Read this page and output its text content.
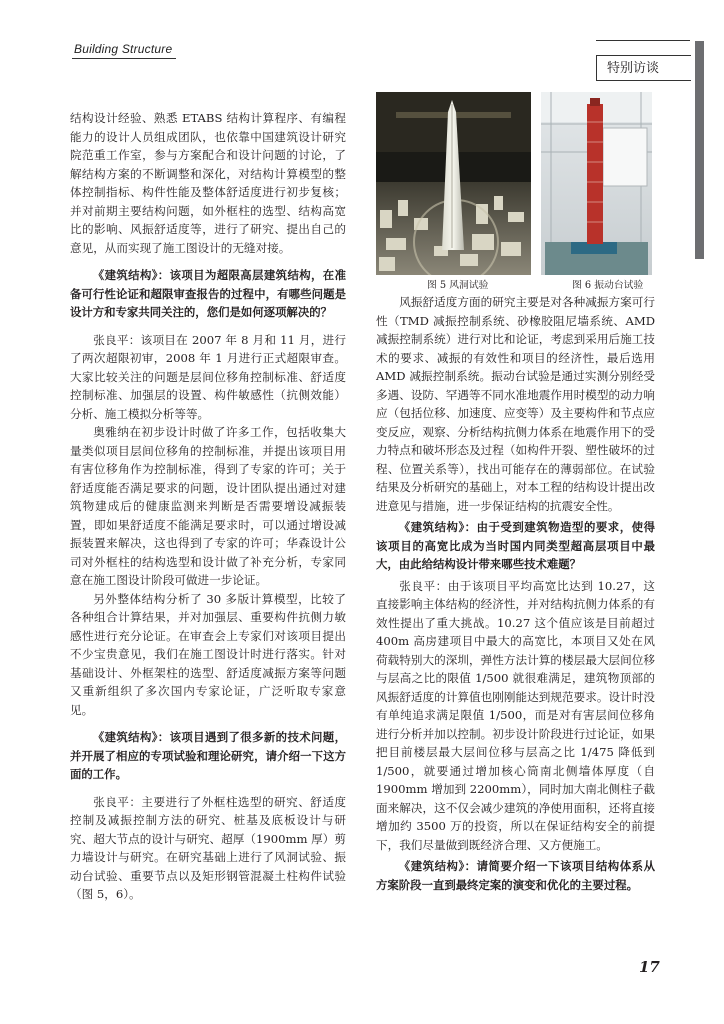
Building Structure
特别访谈
图 5 风洞试验	图 6 振动台试验

结构设计经验、熟悉 ETABS 结构计算程序、有编程能力的设计人员组成团队，也依靠中国建筑设计研究院范重工作室，参与方案配合和设计问题的讨论，了解结构方案的不断调整和深化，对结构计算模型的整体控制指标、构件性能及整体舒适度进行初步复核；并对前期主要结构问题，如外框柱的选型、结构高宽比的影响、风振舒适度等，进行了研究、提出自己的意见，从而实现了施工图设计的无缝对接。

《建筑结构》：该项目为超限高层建筑结构，在准备可行性论证和超限审查报告的过程中，有哪些问题是设计方和专家共同关注的，您们是如何逐项解决的？

张良平：该项目在 2007 年 8 月和 11 月，进行了两次超限初审，2008 年 1 月进行正式超限审查。大家比较关注的问题是层间位移角控制标准、舒适度控制标准、加强层的设置、构件敏感性（抗侧效能）分析、施工模拟分析等等。

奥雅纳在初步设计时做了许多工作，包括收集大量类似项目层间位移角的控制标准，并提出该项目用有害位移角作为控制标准，得到了专家的许可；关于舒适度能否满足要求的问题，设计团队提出通过对建筑物建成后的健康监测来判断是否需要增设减振装置，即如果舒适度不能满足要求时，可以通过增设减振装置来解决，这也得到了专家的许可；华森设计公司对外框柱的结构选型和设计做了补充分析，专家同意在施工图设计阶段可做进一步论证。

另外整体结构分析了 30 多版计算模型，比较了各种组合计算结果，并对加强层、重要构件抗侧力敏感性进行充分论证。在审查会上专家们对该项目提出不少宝贵意见，我们在施工图设计时进行落实。针对基础设计、外框架柱的选型、舒适度减振方案等问题又重新组织了多次国内专家论证，广泛听取专家意见。

《建筑结构》：该项目遇到了很多新的技术问题，并开展了相应的专项试验和理论研究，请介绍一下这方面的工作。

张良平：主要进行了外框柱选型的研究、舒适度控制及减振控制方法的研究、桩基及底板设计与研究、超大节点的设计与研究、超厚（1900mm 厚）剪力墙设计与研究。在研究基础上进行了风洞试验、振动台试验、重要节点以及矩形钢管混凝土柱构件试验（图 5，6）。

风振舒适度方面的研究主要是对各种减振方案可行性（TMD 减振控制系统、砂橡胶阻尼墙系统、AMD 减振控制系统）进行对比和论证，考虑到采用后施工技术的要求、减振的有效性和项目的经济性，最后选用 AMD 减振控制系统。振动台试验是通过实测分别经受多遇、设防、罕遇等不同水准地震作用时模型的动力响应（包括位移、加速度、应变等）及主要构件和节点应变反应，观察、分析结构抗侧力体系在地震作用下的受力特点和破坏形态及过程（如构件开裂、塑性破坏的过程、位置关系等），找出可能存在的薄弱部位。在试验结果及分析研究的基础上，对本工程的结构设计提出改进意见与措施，进一步保证结构的抗震安全性。

《建筑结构》：由于受到建筑物造型的要求，使得该项目的高宽比成为当时国内同类型超高层项目中最大，由此给结构设计带来哪些技术难题？

张良平：由于该项目平均高宽比达到 10.27，这直接影响主体结构的经济性，并对结构抗侧力体系的有效性提出了重大挑战。10.27 这个值应该是目前超过 400m 高房建项目中最大的高宽比，本项目又处在风荷载特别大的深圳，弹性方法计算的楼层最大层间位移与层高之比的限值 1/500 就很难满足，建筑物顶部的风振舒适度的计算值也刚刚能达到规范要求。设计时没有单纯追求满足限值 1/500，而是对有害层间位移角进行分析并加以控制。初步设计阶段进行过论证，如果把目前楼层最大层间位移与层高之比 1/475 降低到 1/500，就要通过增加核心筒南北侧墙体厚度（自 1900mm 增加到 2200mm），同时加大南北侧柱子截面来解决，这不仅会减少建筑的净使用面积，还将直接增加约 3500 万的投资，所以在保证结构安全的前提下，我们尽量做到既经济合理、又方便施工。

《建筑结构》：请简要介绍一下该项目结构体系从方案阶段一直到最终定案的演变和优化的主要过程。

17
